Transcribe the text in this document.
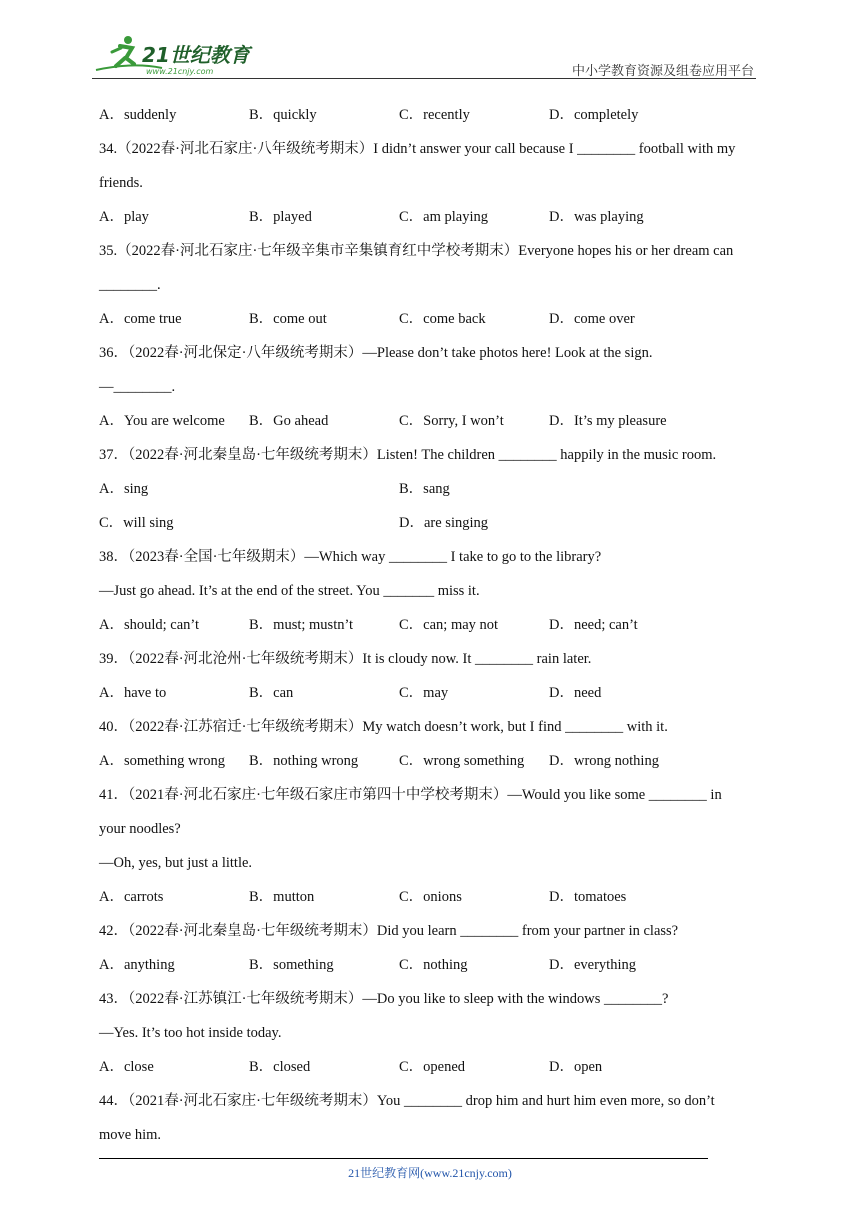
21世纪教育
www.21cnjy.com	中小学教育资源及组卷应用平台
A．suddenly	B．quickly	C．recently	D．completely
34.（2022春·河北石家庄·八年级统考期末）I didn’t answer your call because I ________ football with my
friends.
A．play	B．played	C．am playing	D．was playing
35.（2022春·河北石家庄·七年级辛集市辛集镇育红中学校考期末）Everyone hopes his or her dream can
________.
A．come true	B．come out	C．come back	D．come over
36．（2022春·河北保定·八年级统考期末）—Please don’t take photos here! Look at the sign.
—________.
A．You are welcome B．Go ahead	C．Sorry, I won’t	D．It’s my pleasure
37．（2022春·河北秦皇岛·七年级统考期末）Listen! The children ________ happily in the music room.
A．sing	B．sang
C．will sing	D．are singing
38．（2023春·全国·七年级期末）—Which way ________ I take to go to the library?
—Just go ahead. It’s at the end of the street. You _______ miss it.
A．should; can’t	B．must; mustn’t	C．can; may not	D．need; can’t
39．（2022春·河北沧州·七年级统考期末）It is cloudy now. It ________ rain later.
A．have to	B．can	C．may	D．need
40．（2022春·江苏宿迁·七年级统考期末）My watch doesn’t work, but I find ________ with it.
A．something wrong B．nothing wrong	C．wrong something D．wrong nothing
41．（2021春·河北石家庄·七年级石家庄市第四十中学校考期末）—Would you like some ________ in
your noodles?
—Oh, yes, but just a little.
A．carrots	B．mutton	C．onions	D．tomatoes
42．（2022春·河北秦皇岛·七年级统考期末）Did you learn ________ from your partner in class?
A．anything	B．something	C．nothing	D．everything
43．（2022春·江苏镇江·七年级统考期末）—Do you like to sleep with the windows ________?
—Yes. It’s too hot inside today.
A．close	B．closed	C．opened	D．open
44．（2021春·河北石家庄·七年级统考期末）You ________ drop him and hurt him even more, so don’t
move him.
21世纪教育网(www.21cnjy.com)
